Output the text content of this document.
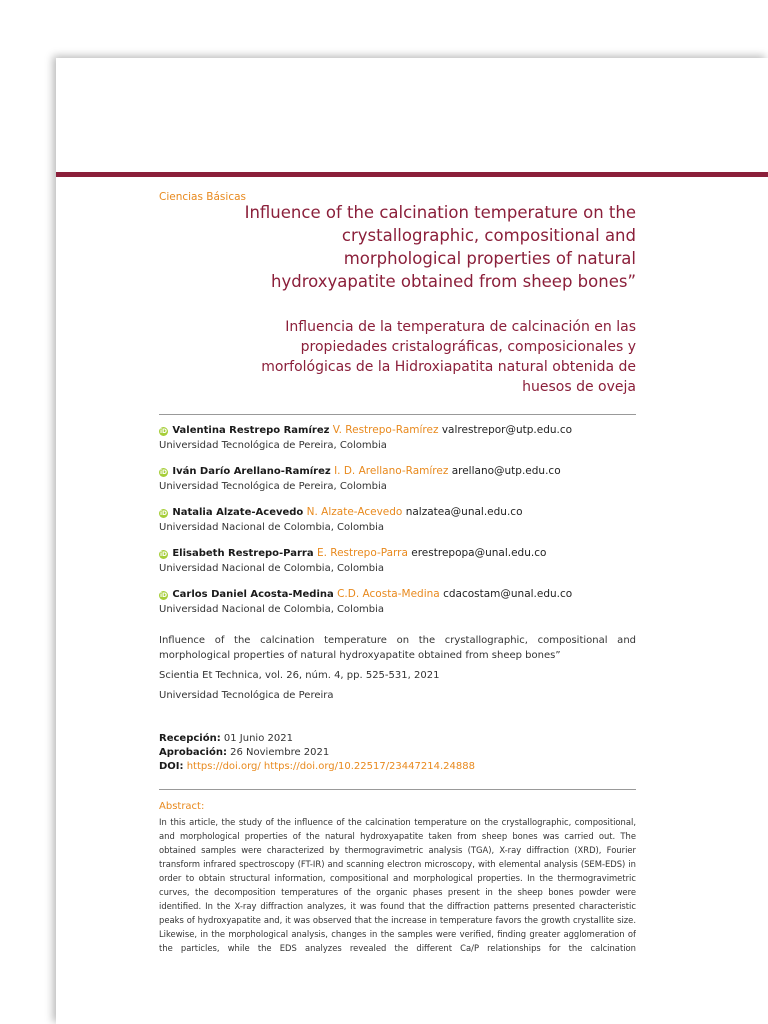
Ciencias Básicas
Influence of the calcination temperature on the crystallographic, compositional and morphological properties of natural hydroxyapatite obtained from sheep bones”
Influencia de la temperatura de calcinación en las propiedades cristalográficas, composicionales y morfológicas de la Hidroxiapatita natural obtenida de huesos de oveja
iD Valentina Restrepo Ramírez V. Restrepo-Ramírez valrestrepor@utp.edu.co
Universidad Tecnológica de Pereira, Colombia
iD Iván Darío Arellano-Ramírez I. D. Arellano-Ramírez arellano@utp.edu.co
Universidad Tecnológica de Pereira, Colombia
iD Natalia Alzate-Acevedo N. Alzate-Acevedo nalzatea@unal.edu.co
Universidad Nacional de Colombia, Colombia
iD Elisabeth Restrepo-Parra E. Restrepo-Parra erestrepopa@unal.edu.co
Universidad Nacional de Colombia, Colombia
iD Carlos Daniel Acosta-Medina C.D. Acosta-Medina cdacostam@unal.edu.co
Universidad Nacional de Colombia, Colombia

Influence of the calcination temperature on the crystallographic, compositional and morphological properties of natural hydroxyapatite obtained from sheep bones”

Scientia Et Technica, vol. 26, núm. 4, pp. 525-531, 2021

Universidad Tecnológica de Pereira

Recepción: 01 Junio 2021
Aprobación: 26 Noviembre 2021
DOI: https://doi.org/ https://doi.org/10.22517/23447214.24888
Abstract:
In this article, the study of the influence of the calcination temperature on the crystallographic, compositional, and morphological properties of the natural hydroxyapatite taken from sheep bones was carried out. The obtained samples were characterized by thermogravimetric analysis (TGA), X-ray diffraction (XRD), Fourier transform infrared spectroscopy (FT-IR) and scanning electron microscopy, with elemental analysis (SEM-EDS) in order to obtain structural information, compositional and morphological properties. In the thermogravimetric curves, the decomposition temperatures of the organic phases present in the sheep bones powder were identified. In the X-ray diffraction analyzes, it was found that the diffraction patterns presented characteristic peaks of hydroxyapatite and, it was observed that the increase in temperature favors the growth crystallite size. Likewise, in the morphological analysis, changes in the samples were verified, finding greater agglomeration of the particles, while the EDS analyzes revealed the different Ca/P relationships for the calcination
